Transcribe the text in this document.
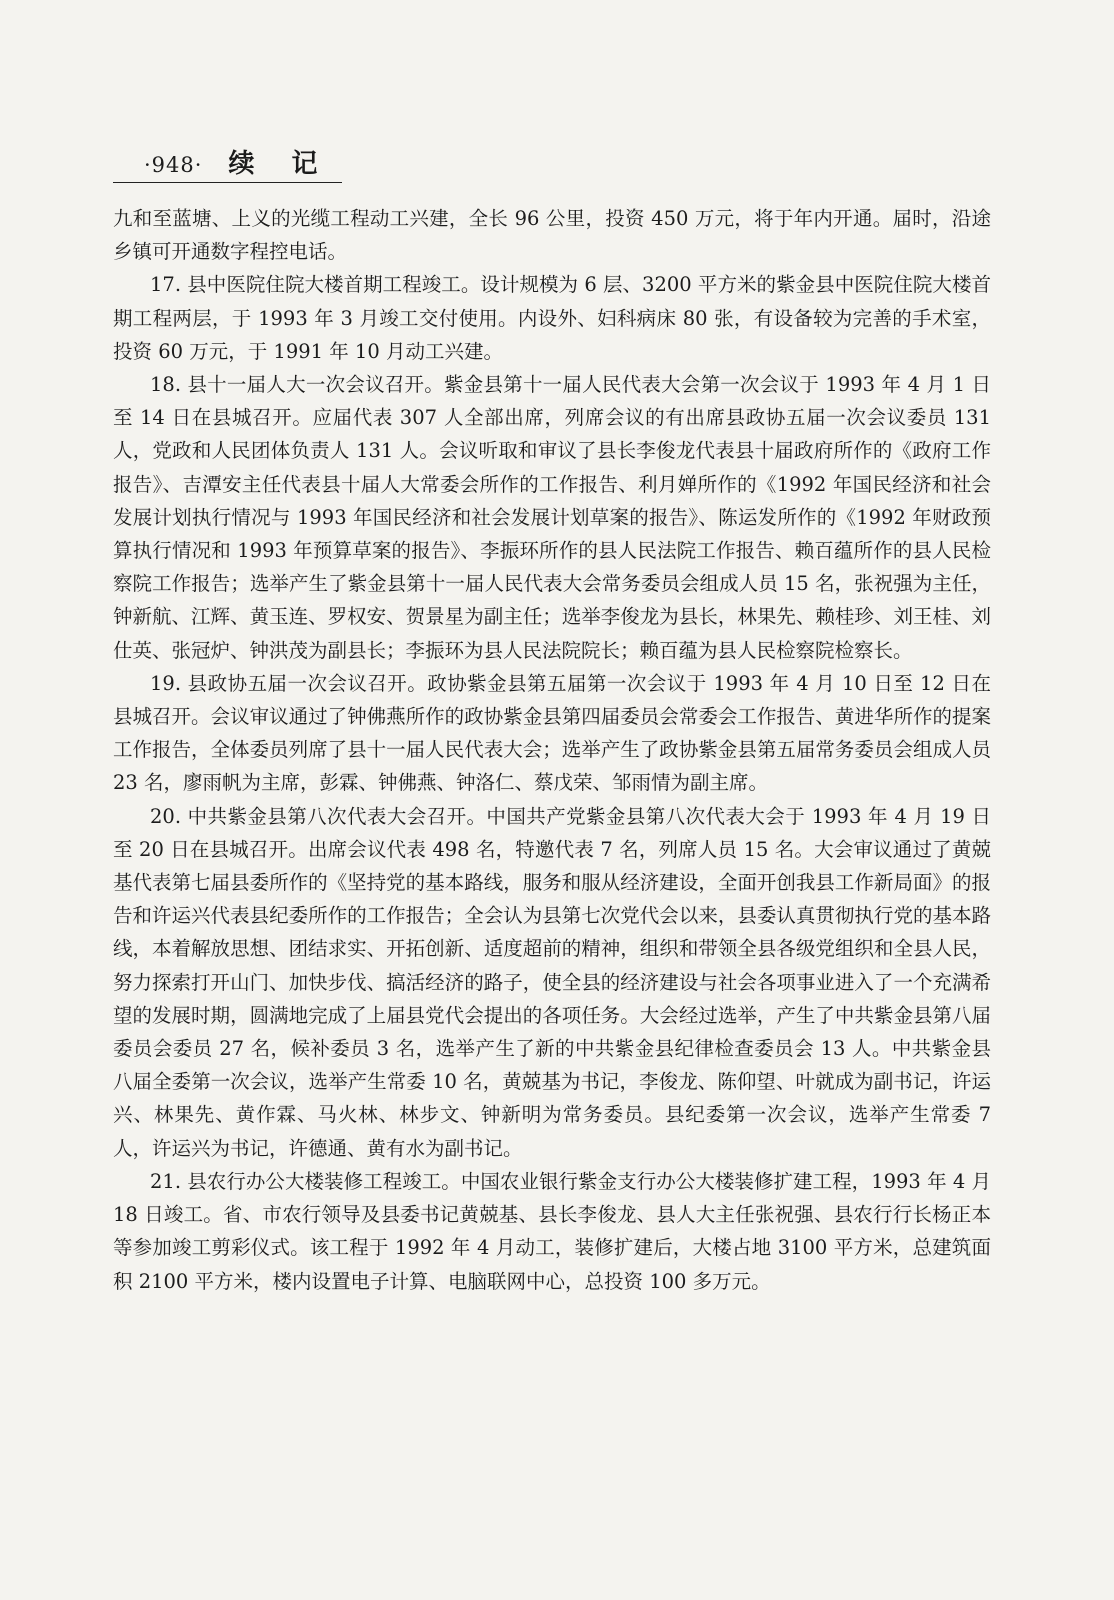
·948· 续 记

九和至蓝塘、上义的光缆工程动工兴建，全长 96 公里，投资 450 万元，将于年内开通。届时，沿途乡镇可开通数字程控电话。

17. 县中医院住院大楼首期工程竣工。设计规模为 6 层、3200 平方米的紫金县中医院住院大楼首期工程两层，于 1993 年 3 月竣工交付使用。内设外、妇科病床 80 张，有设备较为完善的手术室，投资 60 万元，于 1991 年 10 月动工兴建。

18. 县十一届人大一次会议召开。紫金县第十一届人民代表大会第一次会议于 1993 年 4 月 1 日至 14 日在县城召开。应届代表 307 人全部出席，列席会议的有出席县政协五届一次会议委员 131 人，党政和人民团体负责人 131 人。会议听取和审议了县长李俊龙代表县十届政府所作的《政府工作报告》、吉潭安主任代表县十届人大常委会所作的工作报告、利月婵所作的《1992 年国民经济和社会发展计划执行情况与 1993 年国民经济和社会发展计划草案的报告》、陈运发所作的《1992 年财政预算执行情况和 1993 年预算草案的报告》、李振环所作的县人民法院工作报告、赖百蕴所作的县人民检察院工作报告；选举产生了紫金县第十一届人民代表大会常务委员会组成人员 15 名，张祝强为主任，钟新航、江辉、黄玉连、罗权安、贺景星为副主任；选举李俊龙为县长，林果先、赖桂珍、刘王桂、刘仕英、张冠炉、钟洪茂为副县长；李振环为县人民法院院长；赖百蕴为县人民检察院检察长。

19. 县政协五届一次会议召开。政协紫金县第五届第一次会议于 1993 年 4 月 10 日至 12 日在县城召开。会议审议通过了钟佛燕所作的政协紫金县第四届委员会常委会工作报告、黄进华所作的提案工作报告，全体委员列席了县十一届人民代表大会；选举产生了政协紫金县第五届常务委员会组成人员 23 名，廖雨帆为主席，彭霖、钟佛燕、钟洛仁、蔡戊荣、邹雨情为副主席。

20. 中共紫金县第八次代表大会召开。中国共产党紫金县第八次代表大会于 1993 年 4 月 19 日至 20 日在县城召开。出席会议代表 498 名，特邀代表 7 名，列席人员 15 名。大会审议通过了黄兢基代表第七届县委所作的《坚持党的基本路线，服务和服从经济建设，全面开创我县工作新局面》的报告和许运兴代表县纪委所作的工作报告；全会认为县第七次党代会以来，县委认真贯彻执行党的基本路线，本着解放思想、团结求实、开拓创新、适度超前的精神，组织和带领全县各级党组织和全县人民，努力探索打开山门、加快步伐、搞活经济的路子，使全县的经济建设与社会各项事业进入了一个充满希望的发展时期，圆满地完成了上届县党代会提出的各项任务。大会经过选举，产生了中共紫金县第八届委员会委员 27 名，候补委员 3 名，选举产生了新的中共紫金县纪律检查委员会 13 人。中共紫金县八届全委第一次会议，选举产生常委 10 名，黄兢基为书记，李俊龙、陈仰望、叶就成为副书记，许运兴、林果先、黄作霖、马火林、林步文、钟新明为常务委员。县纪委第一次会议，选举产生常委 7 人，许运兴为书记，许德通、黄有水为副书记。

21. 县农行办公大楼装修工程竣工。中国农业银行紫金支行办公大楼装修扩建工程，1993 年 4 月 18 日竣工。省、市农行领导及县委书记黄兢基、县长李俊龙、县人大主任张祝强、县农行行长杨正本等参加竣工剪彩仪式。该工程于 1992 年 4 月动工，装修扩建后，大楼占地 3100 平方米，总建筑面积 2100 平方米，楼内设置电子计算、电脑联网中心，总投资 100 多万元。
